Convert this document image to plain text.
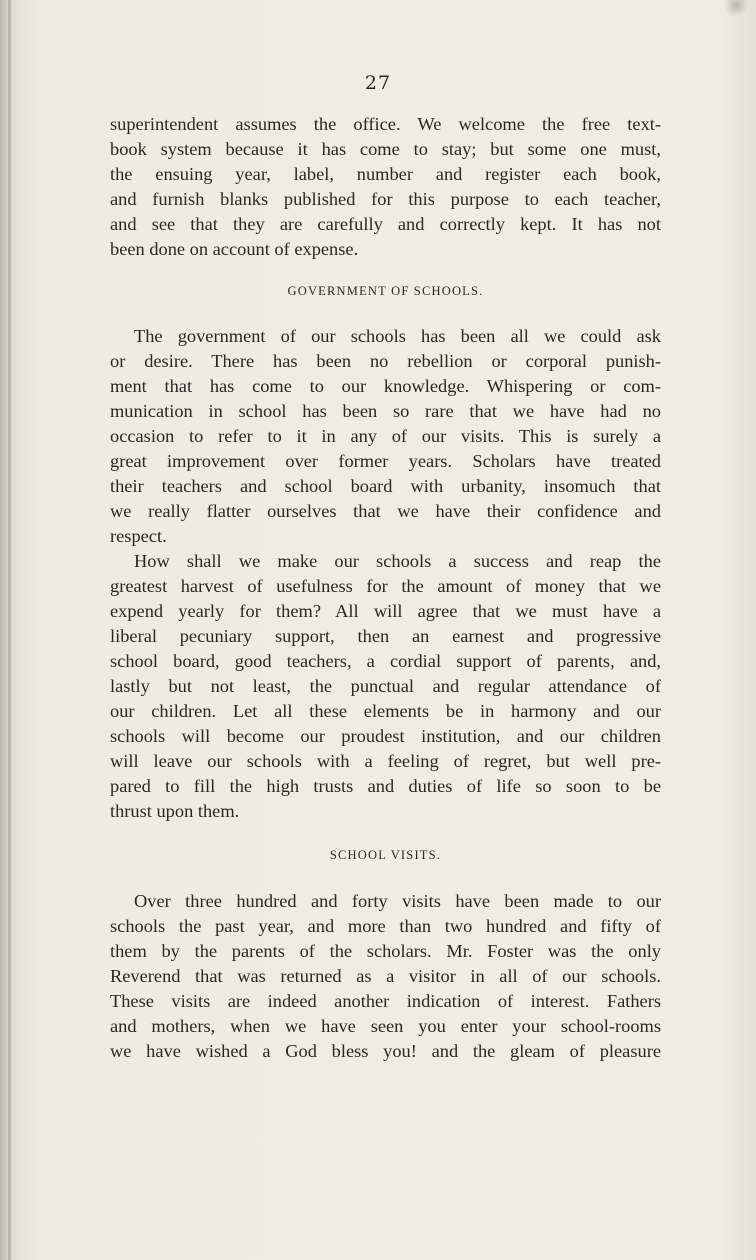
27
superintendent assumes the office. We welcome the free text-
book system because it has come to stay; but some one must,
the ensuing year, label, number and register each book,
and furnish blanks published for this purpose to each teacher,
and see that they are carefully and correctly kept. It has not
been done on account of expense.
GOVERNMENT OF SCHOOLS.
The government of our schools has been all we could ask
or desire. There has been no rebellion or corporal punish-
ment that has come to our knowledge. Whispering or com-
munication in school has been so rare that we have had no
occasion to refer to it in any of our visits. This is surely a
great improvement over former years. Scholars have treated
their teachers and school board with urbanity, insomuch that
we really flatter ourselves that we have their confidence and
respect.
How shall we make our schools a success and reap the
greatest harvest of usefulness for the amount of money that we
expend yearly for them? All will agree that we must have a
liberal pecuniary support, then an earnest and progressive
school board, good teachers, a cordial support of parents, and,
lastly but not least, the punctual and regular attendance of
our children. Let all these elements be in harmony and our
schools will become our proudest institution, and our children
will leave our schools with a feeling of regret, but well pre-
pared to fill the high trusts and duties of life so soon to be
thrust upon them.
SCHOOL VISITS.
Over three hundred and forty visits have been made to our
schools the past year, and more than two hundred and fifty of
them by the parents of the scholars. Mr. Foster was the only
Reverend that was returned as a visitor in all of our schools.
These visits are indeed another indication of interest. Fathers
and mothers, when we have seen you enter your school-rooms
we have wished a God bless you! and the gleam of pleasure
